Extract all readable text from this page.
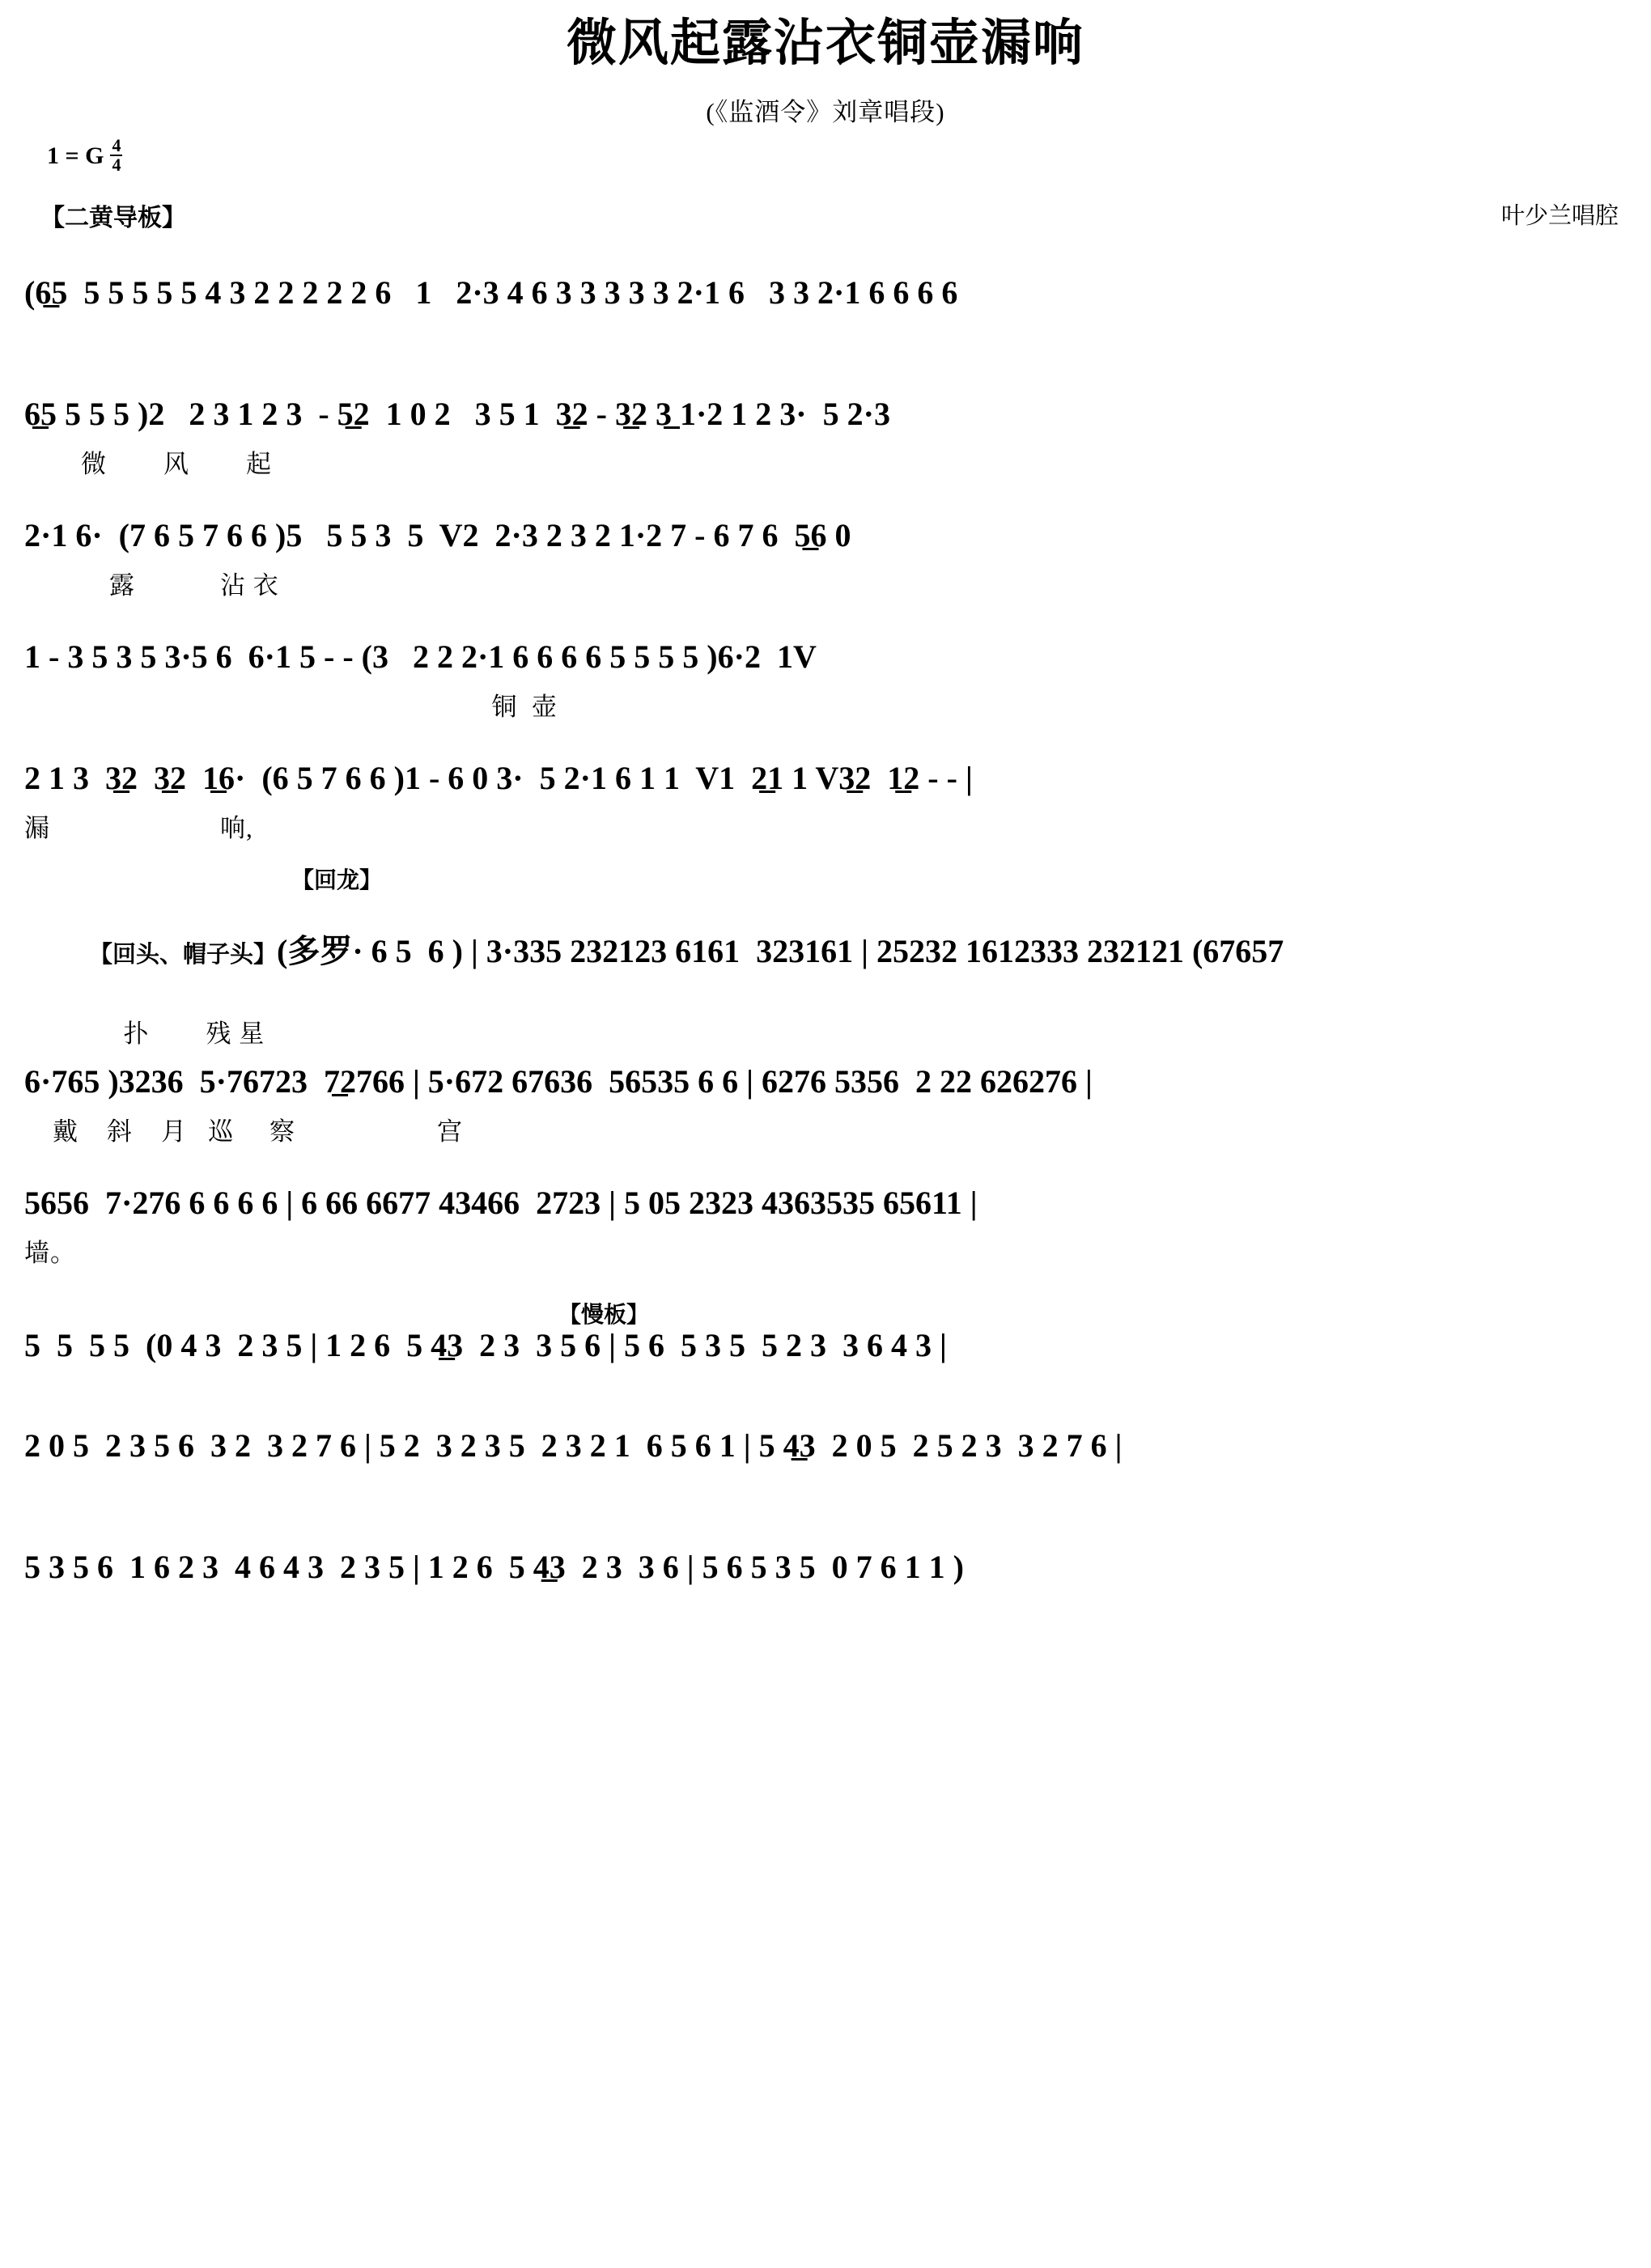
微风起露沾衣铜壶漏响
(《监酒令》刘章唱段)
1 = G $\frac{4}{4}$
【二黄导板】	叶少兰唱腔
(6̲5  5 5 5 5 5 4 3 2 2 2 2 2 6   1   2·3 4 6 3 3 3 3 3 2·1 6   3 3 2·1 6 6 6 6
6̲5 5 5 5 )2   2 3 1 2 3  - 5̲2  1 0 2   3 5 1  3̲2 - 3̲2 3̲ 1·2 1 2 3·  5 2·3
微        风        起
2·1 6·  (7 6 5 7 6 6 )5   5 5 3  5  V2  2·3 2 3 2 1·2 7 - 6 7 6  5̲6 0
露            沾 衣
1 - 3 5 3 5 3·5 6  6·1 5 - - (3   2 2 2·1 6 6 6 6 5 5 5 5 )6·2  1V
铜  壶
2 1 3  3̲2  3̲2  1̲6·  (6 5 7 6 6 )1 - 6 0 3·  5 2·1 6 1 1  V1  2̲1 1 V3̲2  1̲2 - - |
漏                        响,
【回龙】

【回头、帽子头】(多罗· 6 5  6 ) | 3·335 232123 6161  323161 | 25232 1612333 232121 (67657

扑        残 星
6·765 )3236  5·76723  7̲2766 | 5·672 67636  56535 6 6 | 6276 5356  2 22 626276 |
戴    斜    月   巡     察                    宫
5656  7·276 6 6 6 6 | 6 66 6677 43466  2723 | 5 05 2323 4363535 65611 |
墙。
【慢板】
5  5  5 5  (0 4 3  2 3 5 | 1 2 6  5 4̲3  2 3  3 5 6 | 5 6  5 3 5  5 2 3  3 6 4 3 |
2 0 5  2 3 5 6  3 2  3 2 7 6 | 5 2  3 2 3 5  2 3 2 1  6 5 6 1 | 5 4̲3  2 0 5  2 5 2 3  3 2 7 6 |
5 3 5 6  1 6 2 3  4 6 4 3  2 3 5 | 1 2 6  5 4̲3  2 3  3 6 | 5 6 5 3 5  0 7 6 1 1 )
